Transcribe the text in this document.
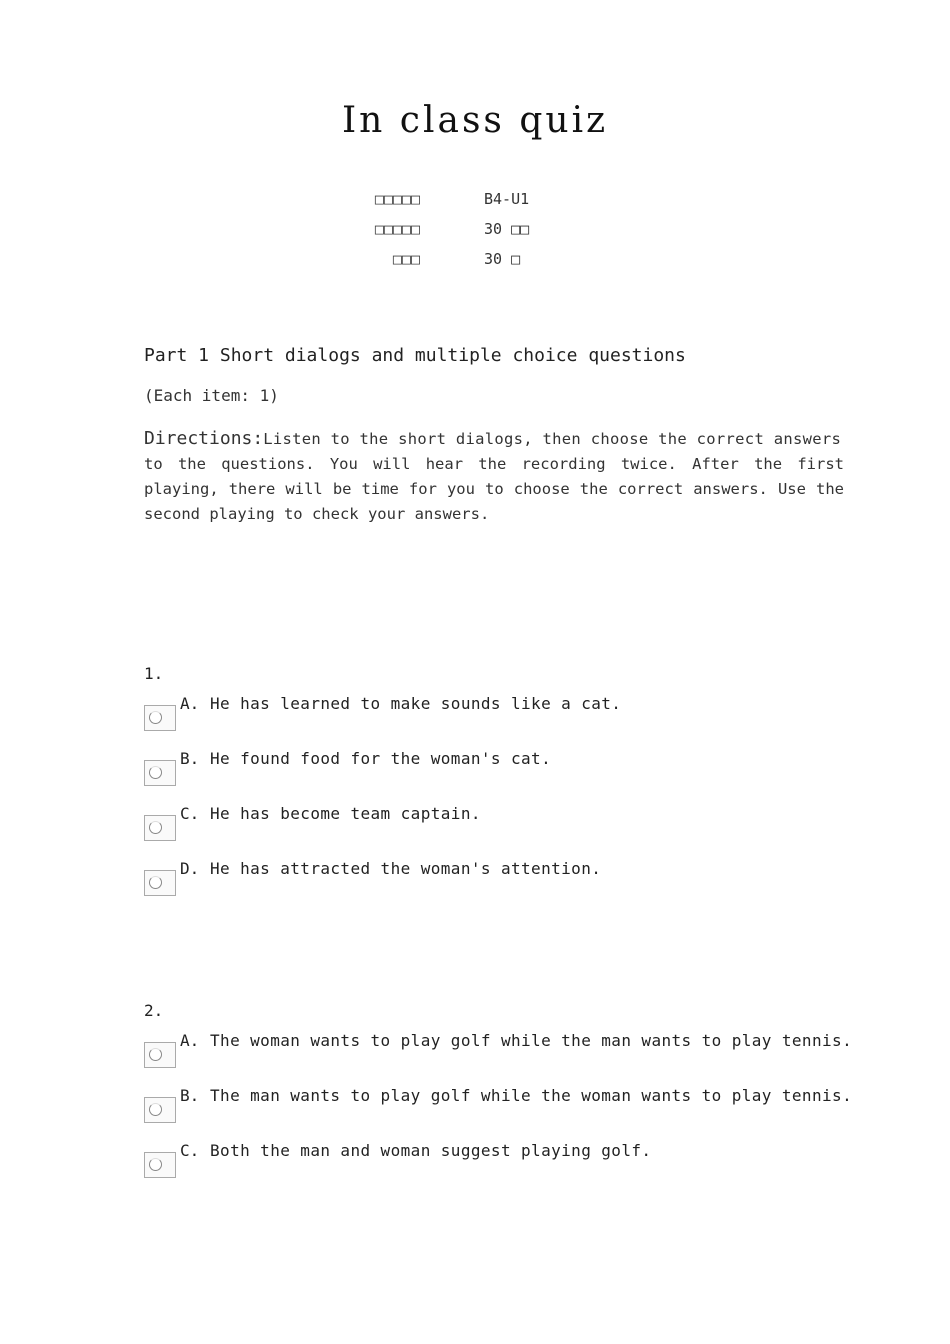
In class quiz
□□□□□	B4-U1
□□□□□	30 □□
□□□	30 □
Part 1 Short dialogs and multiple choice questions
(Each item: 1)
Directions:Listen to the short dialogs, then choose the correct answers
to the questions. You will hear the recording twice. After the first playing, there will be time for you to choose the correct answers. Use the second playing to check your answers.
1.
A. He has learned to make sounds like a cat.
B. He found food for the woman's cat.
C. He has become team captain.
D. He has attracted the woman's attention.
2.
A. The woman wants to play golf while the man wants to play tennis.
B. The man wants to play golf while the woman wants to play tennis.
C. Both the man and woman suggest playing golf.
